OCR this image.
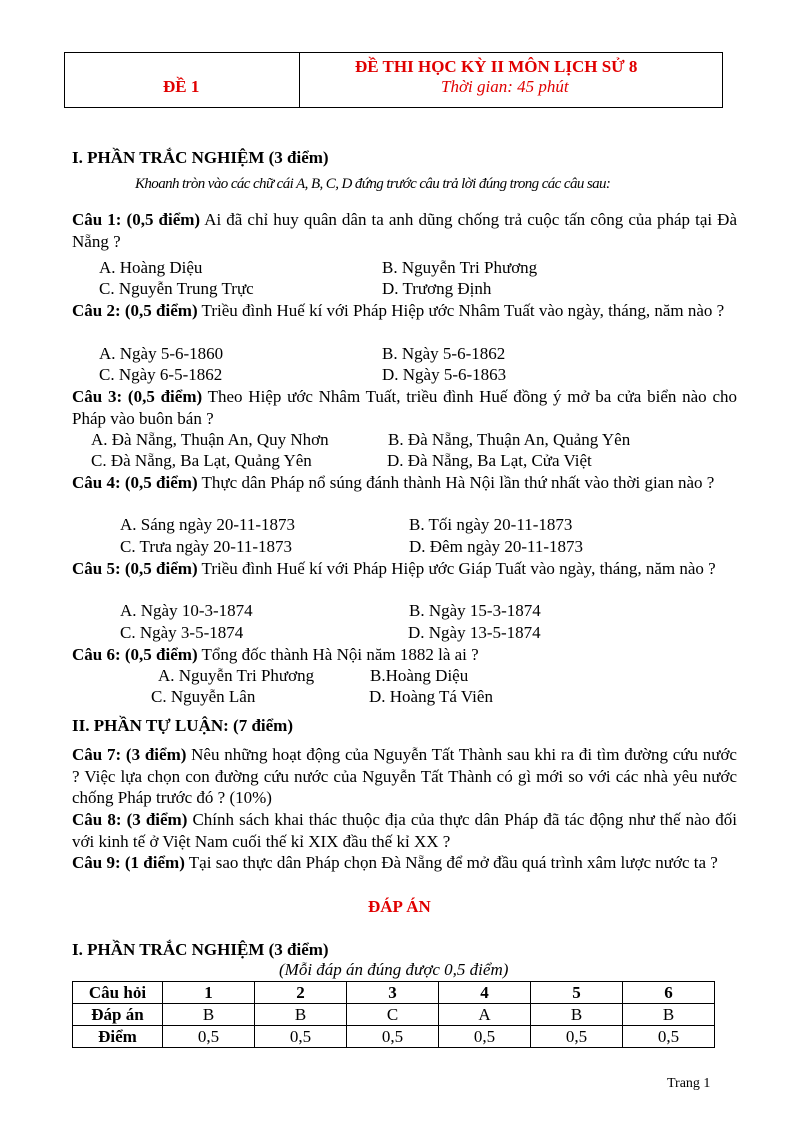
ĐỀ 1
ĐỀ THI HỌC KỲ II MÔN LỊCH SỬ 8
Thời gian: 45 phút
I. PHẦN TRẮC NGHIỆM (3 điểm)
Khoanh tròn vào các chữ cái A, B, C, D đứng trước câu trả lời đúng trong các câu sau:
Câu 1: (0,5 điểm) Ai đã chỉ huy quân dân ta anh dũng chống trả cuộc tấn công của pháp tại Đà Nẵng ?
A. Hoàng Diệu	B. Nguyễn Tri Phương
C. Nguyễn Trung Trực	D. Trương Định
Câu 2: (0,5 điểm) Triều đình Huế kí với Pháp Hiệp ước Nhâm Tuất vào ngày, tháng, năm nào ?
A. Ngày 5-6-1860	B. Ngày 5-6-1862
C. Ngày 6-5-1862	D. Ngày 5-6-1863
Câu 3: (0,5 điểm) Theo Hiệp ước Nhâm Tuất, triều đình Huế đồng ý mở ba cửa biển nào cho Pháp vào buôn bán ?
A. Đà Nẵng, Thuận An, Quy Nhơn	B. Đà Nẵng, Thuận An, Quảng Yên
C. Đà Nẵng, Ba Lạt, Quảng Yên	D. Đà Nẵng, Ba Lạt, Cửa Việt
Câu 4: (0,5 điểm) Thực dân Pháp nổ súng đánh thành Hà Nội lần thứ nhất vào thời gian nào ?
A. Sáng ngày 20-11-1873	B. Tối ngày 20-11-1873
C. Trưa ngày 20-11-1873	D. Đêm ngày 20-11-1873
Câu 5: (0,5 điểm) Triều đình Huế kí với Pháp Hiệp ước Giáp Tuất vào ngày, tháng, năm nào ?
A. Ngày 10-3-1874	B. Ngày 15-3-1874
C. Ngày 3-5-1874	D. Ngày 13-5-1874
Câu 6: (0,5 điểm) Tổng đốc thành Hà Nội năm 1882 là ai ?
A. Nguyễn Tri Phương	B.Hoàng Diệu
C. Nguyễn Lân	D. Hoàng Tá Viên
II. PHẦN TỰ LUẬN: (7 điểm)
Câu 7: (3 điểm) Nêu những hoạt động của Nguyễn Tất Thành sau khi ra đi tìm đường cứu nước ? Việc lựa chọn con đường cứu nước của Nguyễn Tất Thành có gì mới so với các nhà yêu nước chống Pháp trước đó ? (10%)
Câu 8: (3 điểm) Chính sách khai thác thuộc địa của thực dân Pháp đã tác động như thế nào đối với kinh tế ở Việt Nam cuối thế kỉ XIX đầu thế kỉ XX ?
Câu 9: (1 điểm) Tại sao thực dân Pháp chọn Đà Nẵng để mở đầu quá trình xâm lược nước ta ?
ĐÁP ÁN
I. PHẦN TRẮC NGHIỆM (3 điểm)
(Mỗi đáp án đúng được 0,5 điểm)
Câu hỏi	1	2	3	4	5	6
Đáp án	B	B	C	A	B	B
Điểm	0,5	0,5	0,5	0,5	0,5	0,5
Trang 1
